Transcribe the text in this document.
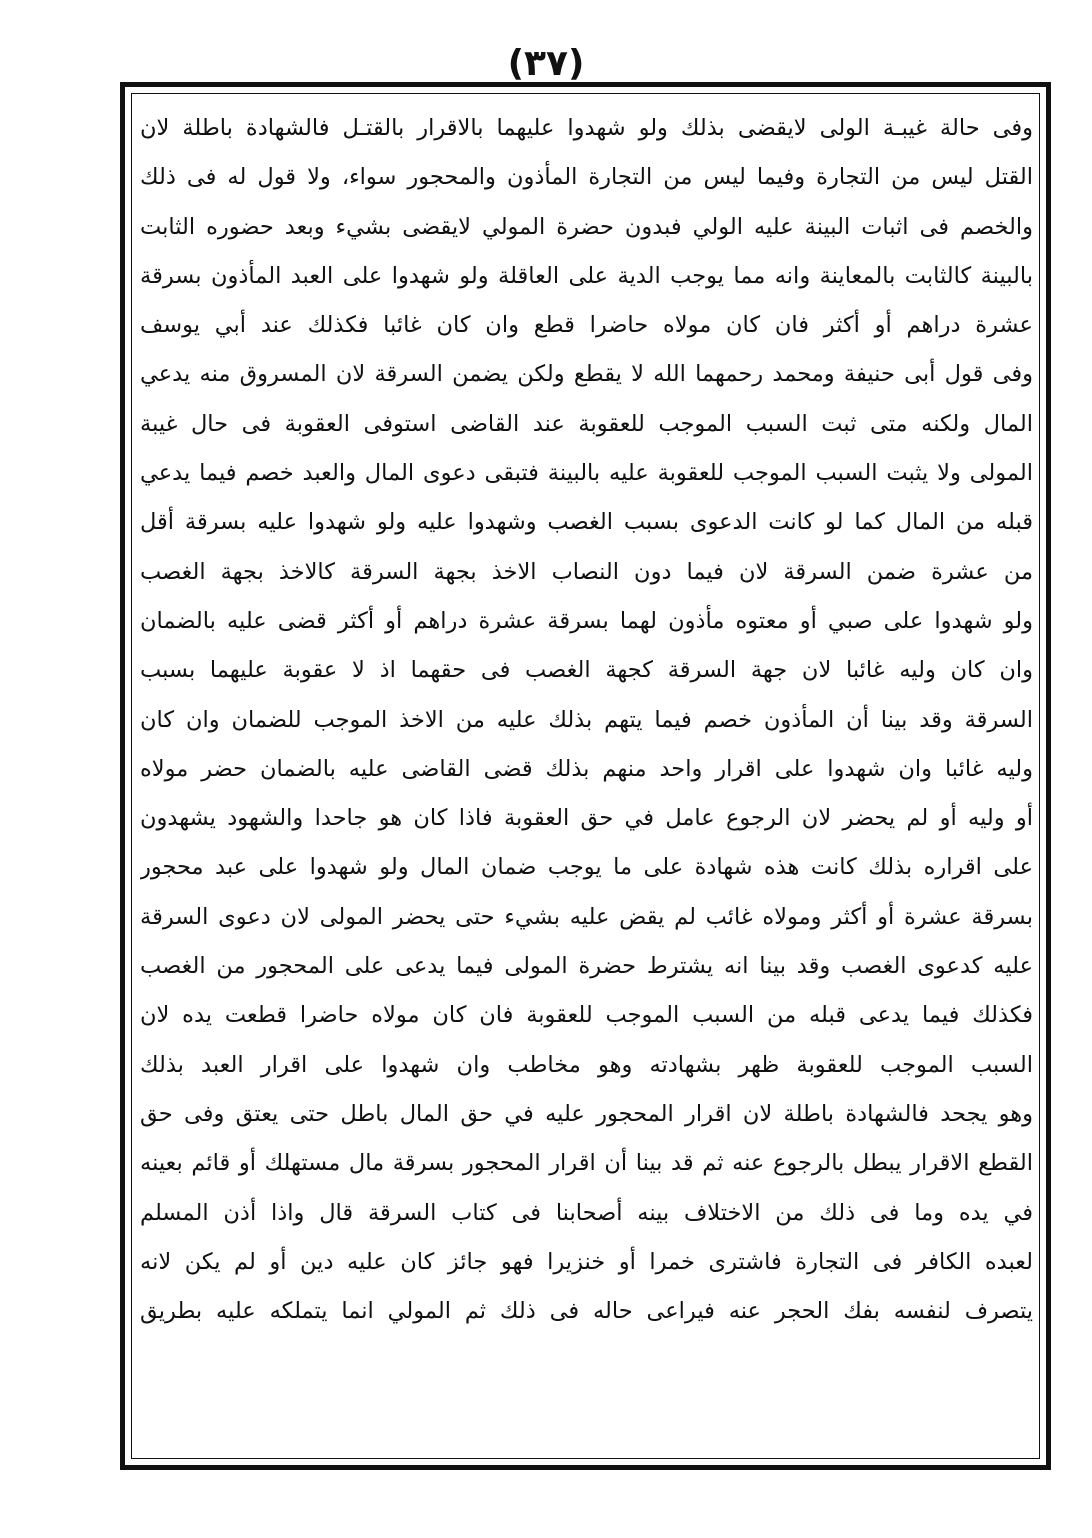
(٣٧)
وفى حالة غيبـة الولى لايقضى بذلك ولو شهدوا عليهما بالاقرار بالقتـل فالشهادة باطلة لان
القتل ليس من التجارة وفيما ليس من التجارة المأذون والمحجور سواء، ولا قول له فى ذلك
والخصم فى اثبات البينة عليه الولي فبدون حضرة المولي لايقضى بشيء وبعد حضوره الثابت
بالبينة كالثابت بالمعاينة وانه مما يوجب الدية على العاقلة ولو شهدوا على العبد المأذون بسرقة
عشرة دراهم أو أكثر فان كان مولاه حاضرا قطع وان كان غائبا فكذلك عند أبي يوسف
وفى قول أبى حنيفة ومحمد رحمهما الله لا يقطع ولكن يضمن السرقة لان المسروق منه يدعي
المال ولكنه متى ثبت السبب الموجب للعقوبة عند القاضى استوفى العقوبة فى حال غيبة
المولى ولا يثبت السبب الموجب للعقوبة عليه بالبينة فتبقى دعوى المال والعبد خصم فيما يدعي
قبله من المال كما لو كانت الدعوى بسبب الغصب وشهدوا عليه ولو شهدوا عليه بسرقة أقل
من عشرة ضمن السرقة لان فيما دون النصاب الاخذ بجهة السرقة كالاخذ بجهة الغصب
ولو شهدوا على صبي أو معتوه مأذون لهما بسرقة عشرة دراهم أو أكثر قضى عليه بالضمان
وان كان وليه غائبا لان جهة السرقة كجهة الغصب فى حقهما اذ لا عقوبة عليهما بسبب
السرقة وقد بينا أن المأذون خصم فيما يتهم بذلك عليه من الاخذ الموجب للضمان وان كان
وليه غائبا وان شهدوا على اقرار واحد منهم بذلك قضى القاضى عليه بالضمان حضر مولاه
أو وليه أو لم يحضر لان الرجوع عامل في حق العقوبة فاذا كان هو جاحدا والشهود يشهدون
على اقراره بذلك كانت هذه شهادة على ما يوجب ضمان المال ولو شهدوا على عبد محجور
بسرقة عشرة أو أكثر ومولاه غائب لم يقض عليه بشيء حتى يحضر المولى لان دعوى السرقة
عليه كدعوى الغصب وقد بينا انه يشترط حضرة المولى فيما يدعى على المحجور من الغصب
فكذلك فيما يدعى قبله من السبب الموجب للعقوبة فان كان مولاه حاضرا قطعت يده لان
السبب الموجب للعقوبة ظهر بشهادته وهو مخاطب وان شهدوا على اقرار العبد بذلك
وهو يجحد فالشهادة باطلة لان اقرار المحجور عليه في حق المال باطل حتى يعتق وفى حق
القطع الاقرار يبطل بالرجوع عنه ثم قد بينا أن اقرار المحجور بسرقة مال مستهلك أو قائم بعينه
في يده وما فى ذلك من الاختلاف بينه أصحابنا فى كتاب السرقة قال واذا أذن المسلم
لعبده الكافر فى التجارة فاشترى خمرا أو خنزيرا فهو جائز كان عليه دين أو لم يكن لانه
يتصرف لنفسه بفك الحجر عنه فيراعى حاله فى ذلك ثم المولي انما يتملكه عليه بطريق
